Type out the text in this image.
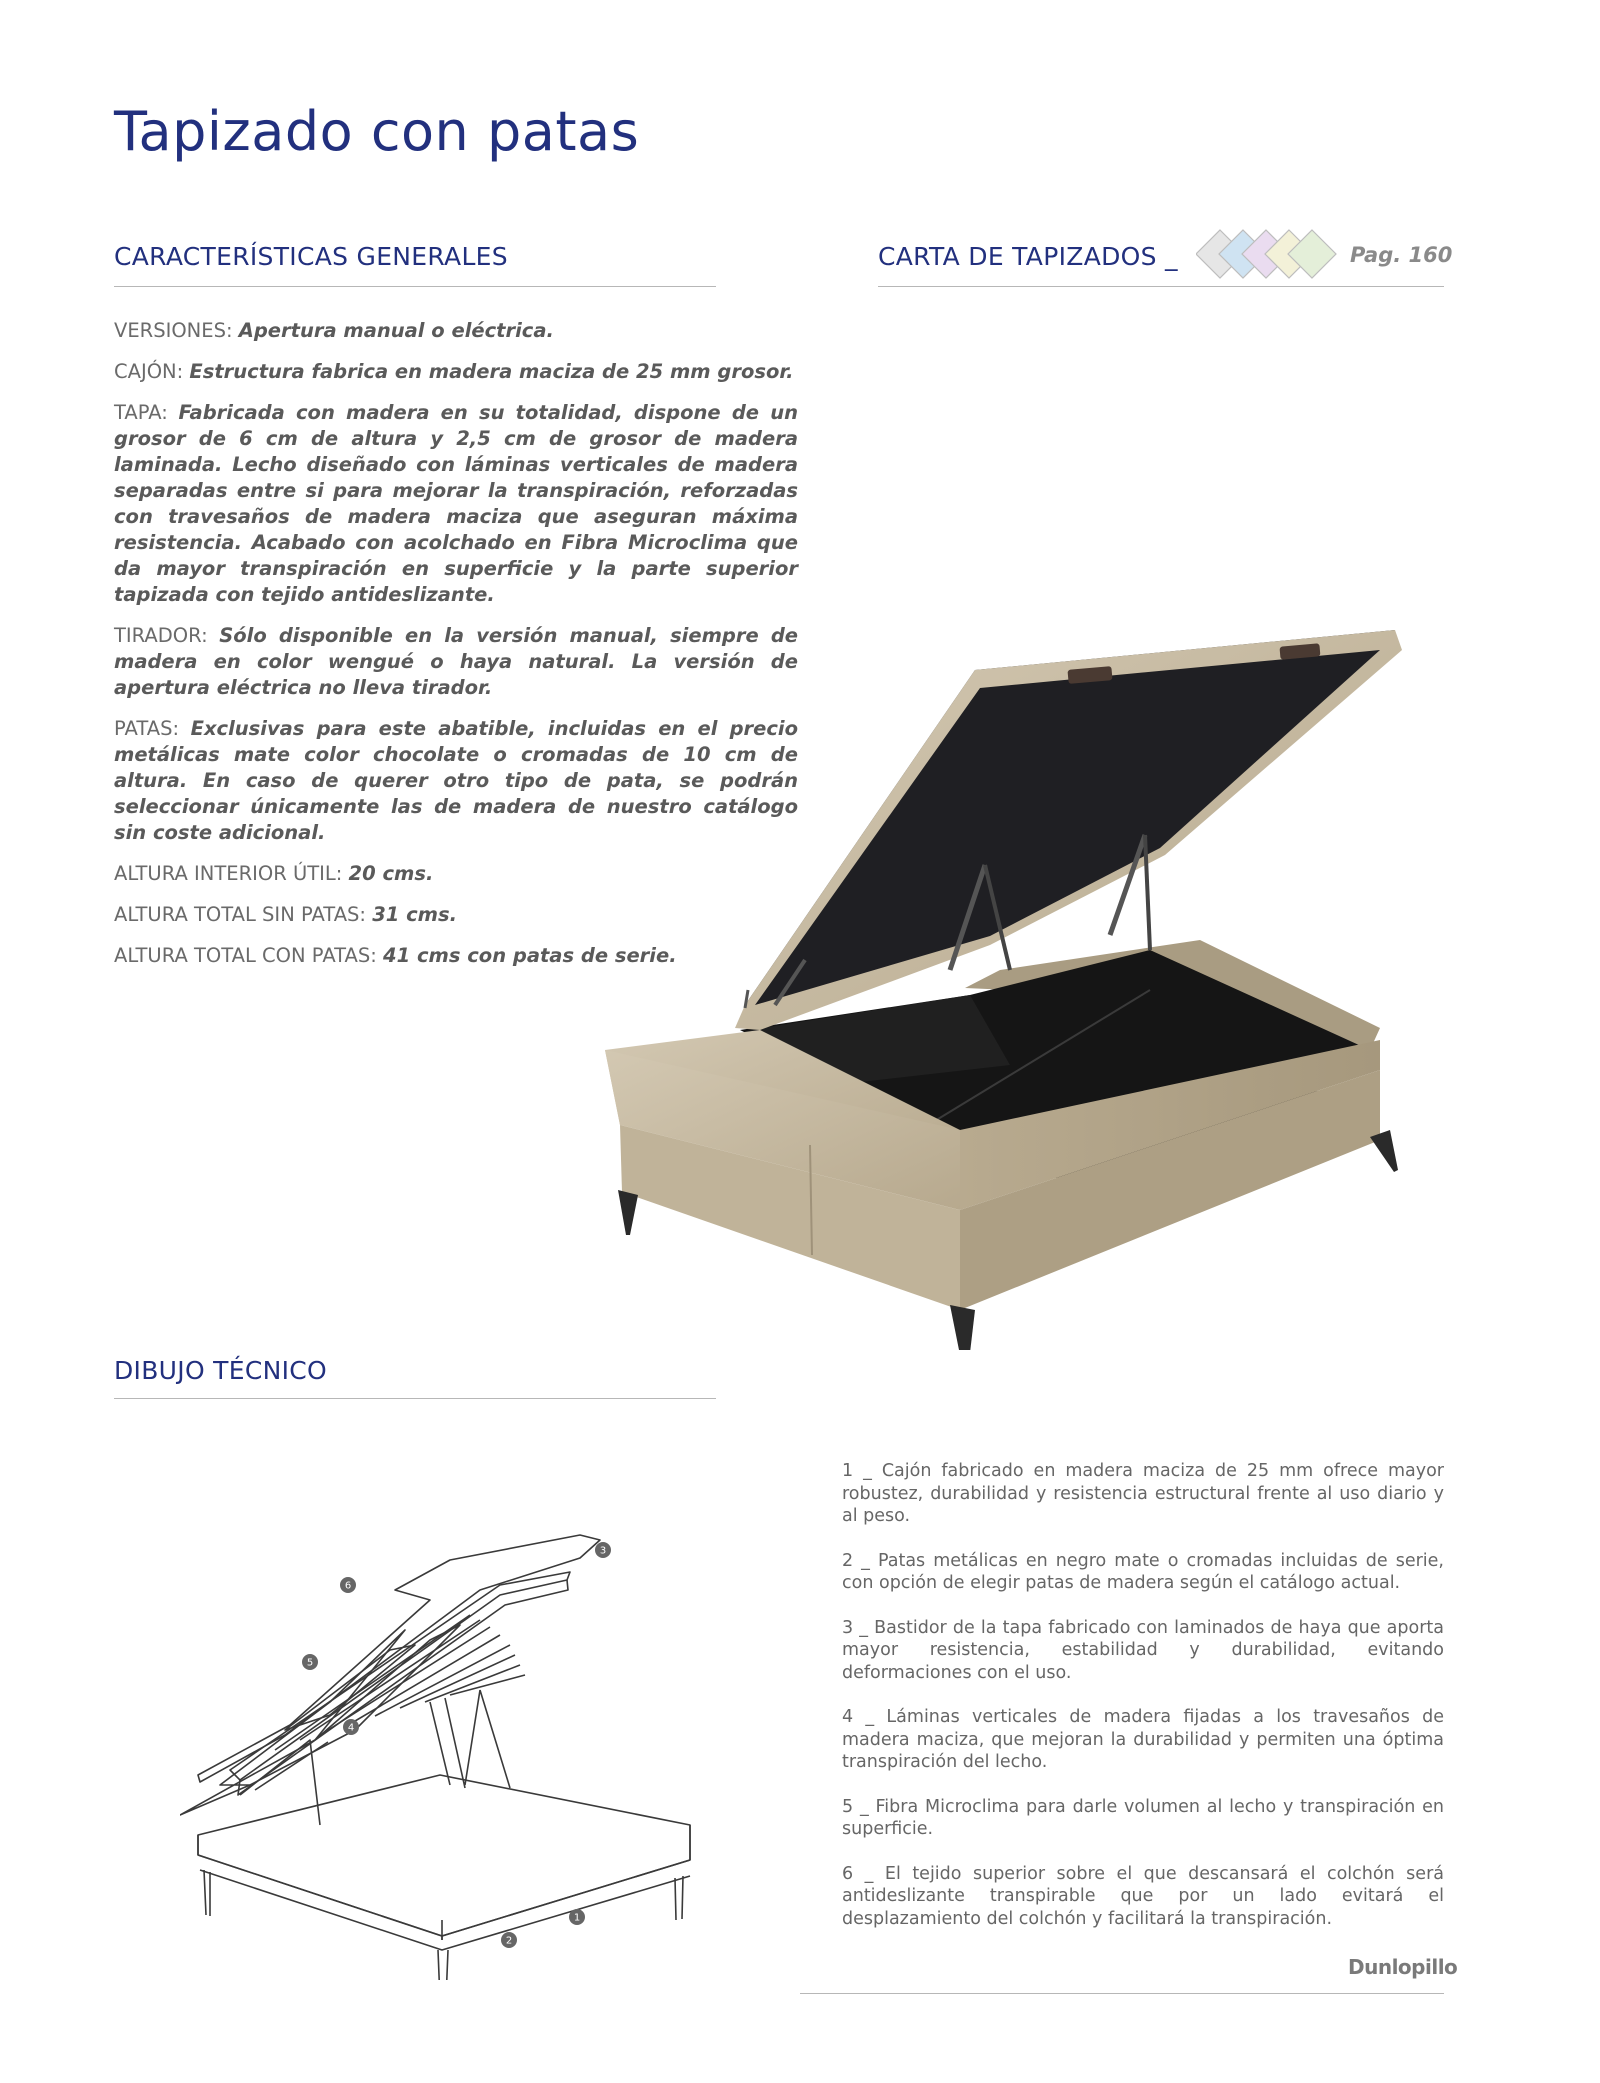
Tapizado con patas
CARACTERÍSTICAS GENERALES

VERSIONES: Apertura manual o eléctrica.

CAJÓN: Estructura fabrica en madera maciza de 25 mm grosor.

TAPA: Fabricada con madera en su totalidad, dispone de un grosor de 6 cm de altura y 2,5 cm de grosor de madera laminada. Lecho diseñado con láminas verticales de madera separadas entre si para mejorar la transpiración, reforzadas con travesaños de madera maciza que aseguran máxima resistencia. Acabado con acolchado en Fibra Microclima que da mayor transpiración en superficie y la parte superior tapizada con tejido antideslizante.

TIRADOR: Sólo disponible en la versión manual, siempre de madera en color wengué o haya natural. La versión de apertura eléctrica no lleva tirador.

PATAS: Exclusivas para este abatible, incluidas en el precio metálicas mate color chocolate o cromadas de 10 cm de altura. En caso de querer otro tipo de pata, se podrán seleccionar únicamente las de madera de nuestro catálogo sin coste adicional.

ALTURA INTERIOR ÚTIL: 20 cms.

ALTURA TOTAL SIN PATAS: 31 cms.

ALTURA TOTAL CON PATAS: 41 cms con patas de serie.

CARTA DE TAPIZADOS _	Pag. 160
DIBUJO TÉCNICO
1
2
3
4
5
6

1 _ Cajón fabricado en madera maciza de 25 mm ofrece mayor robustez, durabilidad y resistencia estructural frente al uso diario y al peso.

2 _ Patas metálicas en negro mate o cromadas incluidas de serie, con opción de elegir patas de madera según el catálogo actual.

3 _ Bastidor de la tapa fabricado con laminados de haya que aporta mayor resistencia, estabilidad y durabilidad, evitando deformaciones con el uso.

4 _ Láminas verticales de madera fijadas a los travesaños de madera maciza, que mejoran la durabilidad y permiten una óptima transpiración del lecho.

5 _ Fibra Microclima para darle volumen al lecho y transpiración en superficie.

6 _ El tejido superior sobre el que descansará el colchón será antideslizante transpirable que por un lado evitará el desplazamiento del colchón y facilitará la transpiración.

Dunlopillo
